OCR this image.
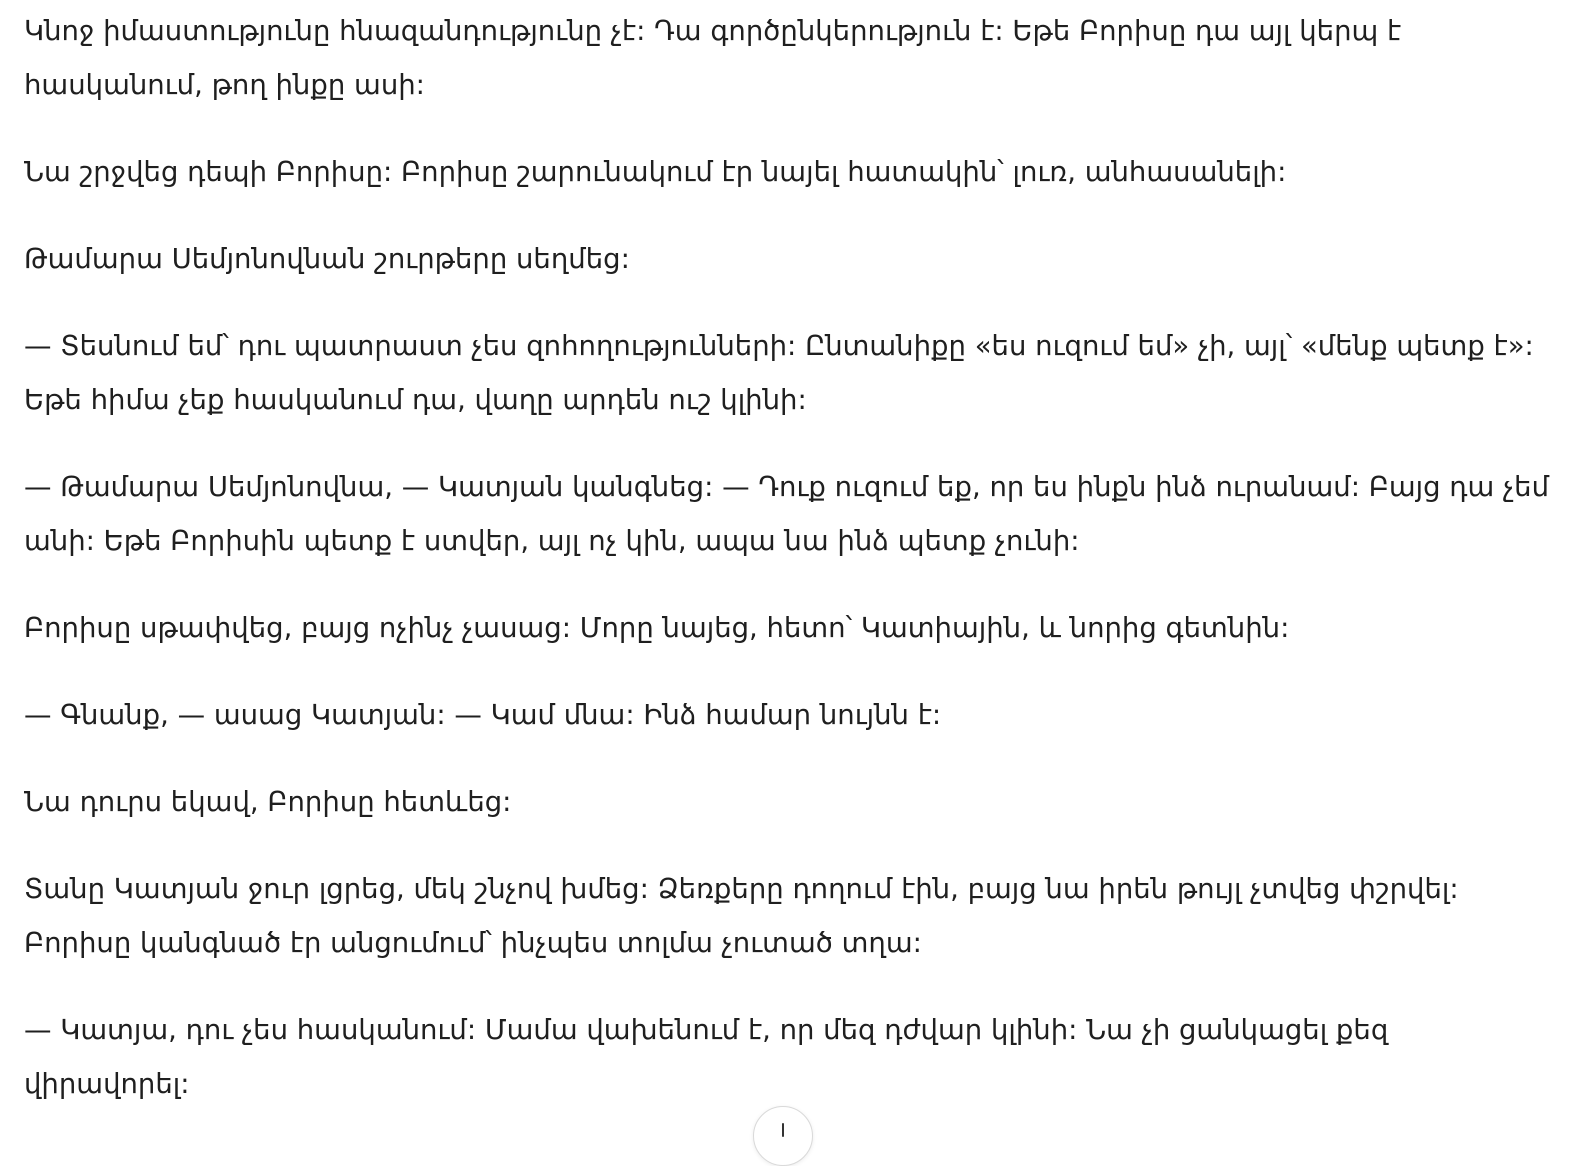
Կնոջ իմաստությունը հնազանդությունը չէ: Դա գործընկերություն է: Եթե Բորիսը դա այլ կերպ է հասկանում, թող ինքը ասի:

Նա շրջվեց դեպի Բորիսը: Բորիսը շարունակում էր նայել հատակին՝ լուռ, անհասանելի:

Թամարա Սեմյոնովնան շուրթերը սեղմեց:

— Տեսնում եմ՝ դու պատրաստ չես զոհողությունների: Ընտանիքը «ես ուզում եմ» չի, այլ՝ «մենք պետք է»: Եթե հիմա չեք հասկանում դա, վաղը արդեն ուշ կլինի:

— Թամարա Սեմյոնովնա, — Կատյան կանգնեց: — Դուք ուզում եք, որ ես ինքն ինձ ուրանամ: Բայց դա չեմ անի: Եթե Բորիսին պետք է ստվեր, այլ ոչ կին, ապա նա ինձ պետք չունի:

Բորիսը սթափվեց, բայց ոչինչ չասաց: Մորը նայեց, հետո՝ Կատիային, և նորից գետնին:

— Գնանք, — ասաց Կատյան: — Կամ մնա: Ինձ համար նույնն է:

Նա դուրս եկավ, Բորիսը հետևեց:

Տանը Կատյան ջուր լցրեց, մեկ շնչով խմեց: Ձեռքերը դողում էին, բայց նա իրեն թույլ չտվեց փշրվել: Բորիսը կանգնած էր անցումում՝ ինչպես տոլմա չուտած տղա:

— Կատյա, դու չես հասկանում: Մամա վախենում է, որ մեզ դժվար կլինի: Նա չի ցանկացել քեզ վիրավորել:
